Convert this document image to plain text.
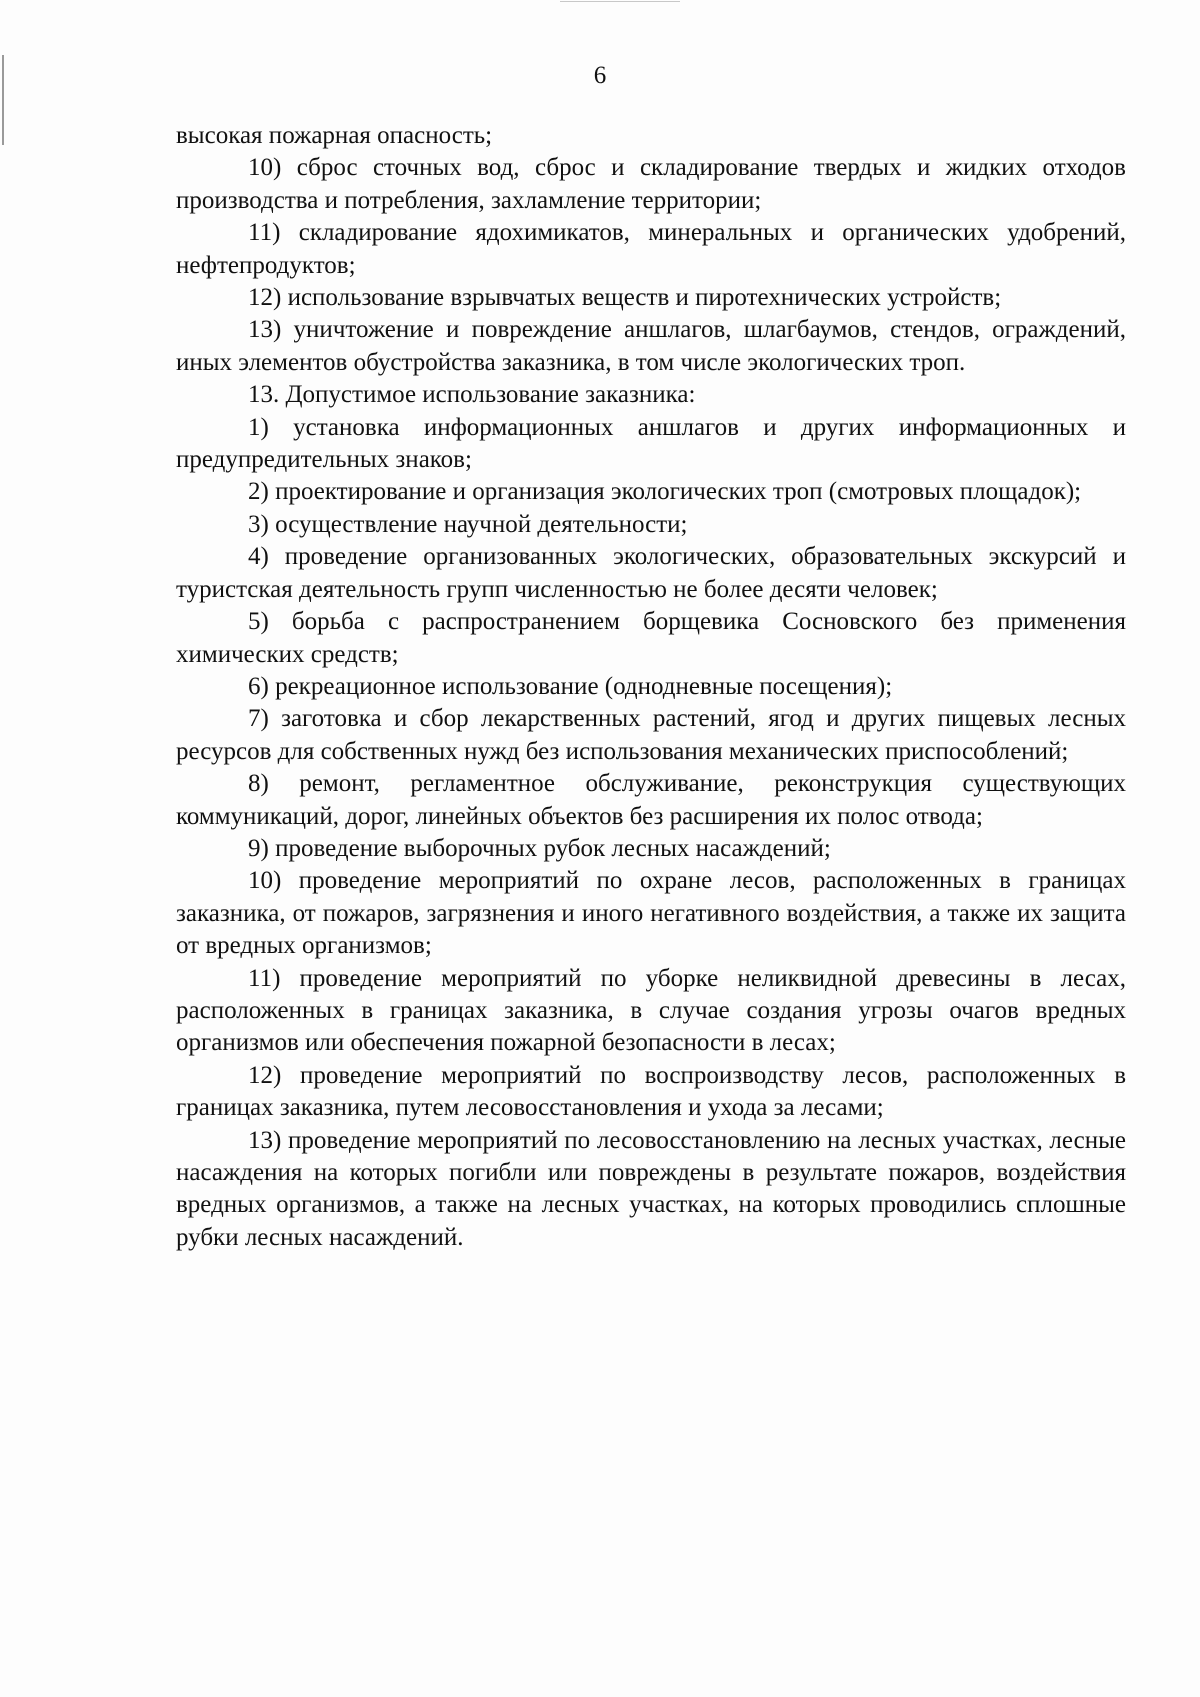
6

высокая пожарная опасность;

10) сброс сточных вод, сброс и складирование твердых и жидких отходов производства и потребления, захламление территории;

11) складирование ядохимикатов, минеральных и органических удобрений, нефтепродуктов;

12) использование взрывчатых веществ и пиротехнических устройств;

13) уничтожение и повреждение аншлагов, шлагбаумов, стендов, ограждений, иных элементов обустройства заказника, в том числе экологических троп.

13. Допустимое использование заказника:

1) установка информационных аншлагов и других информационных и предупредительных знаков;

2) проектирование и организация экологических троп (смотровых площадок);

3) осуществление научной деятельности;

4) проведение организованных экологических, образовательных экскурсий и туристская деятельность групп численностью не более десяти человек;

5) борьба с распространением борщевика Сосновского без применения химических средств;

6) рекреационное использование (однодневные посещения);

7) заготовка и сбор лекарственных растений, ягод и других пищевых лесных ресурсов для собственных нужд без использования механических приспособлений;

8) ремонт, регламентное обслуживание, реконструкция существующих коммуникаций, дорог, линейных объектов без расширения их полос отвода;

9) проведение выборочных рубок лесных насаждений;

10) проведение мероприятий по охране лесов, расположенных в границах заказника, от пожаров, загрязнения и иного негативного воздействия, а также их защита от вредных организмов;

11) проведение мероприятий по уборке неликвидной древесины в лесах, расположенных в границах заказника, в случае создания угрозы очагов вредных организмов или обеспечения пожарной безопасности в лесах;

12) проведение мероприятий по воспроизводству лесов, расположенных в границах заказника, путем лесовосстановления и ухода за лесами;

13) проведение мероприятий по лесовосстановлению на лесных участках, лесные насаждения на которых погибли или повреждены в результате пожаров, воздействия вредных организмов, а также на лесных участках, на которых проводились сплошные рубки лесных насаждений.
